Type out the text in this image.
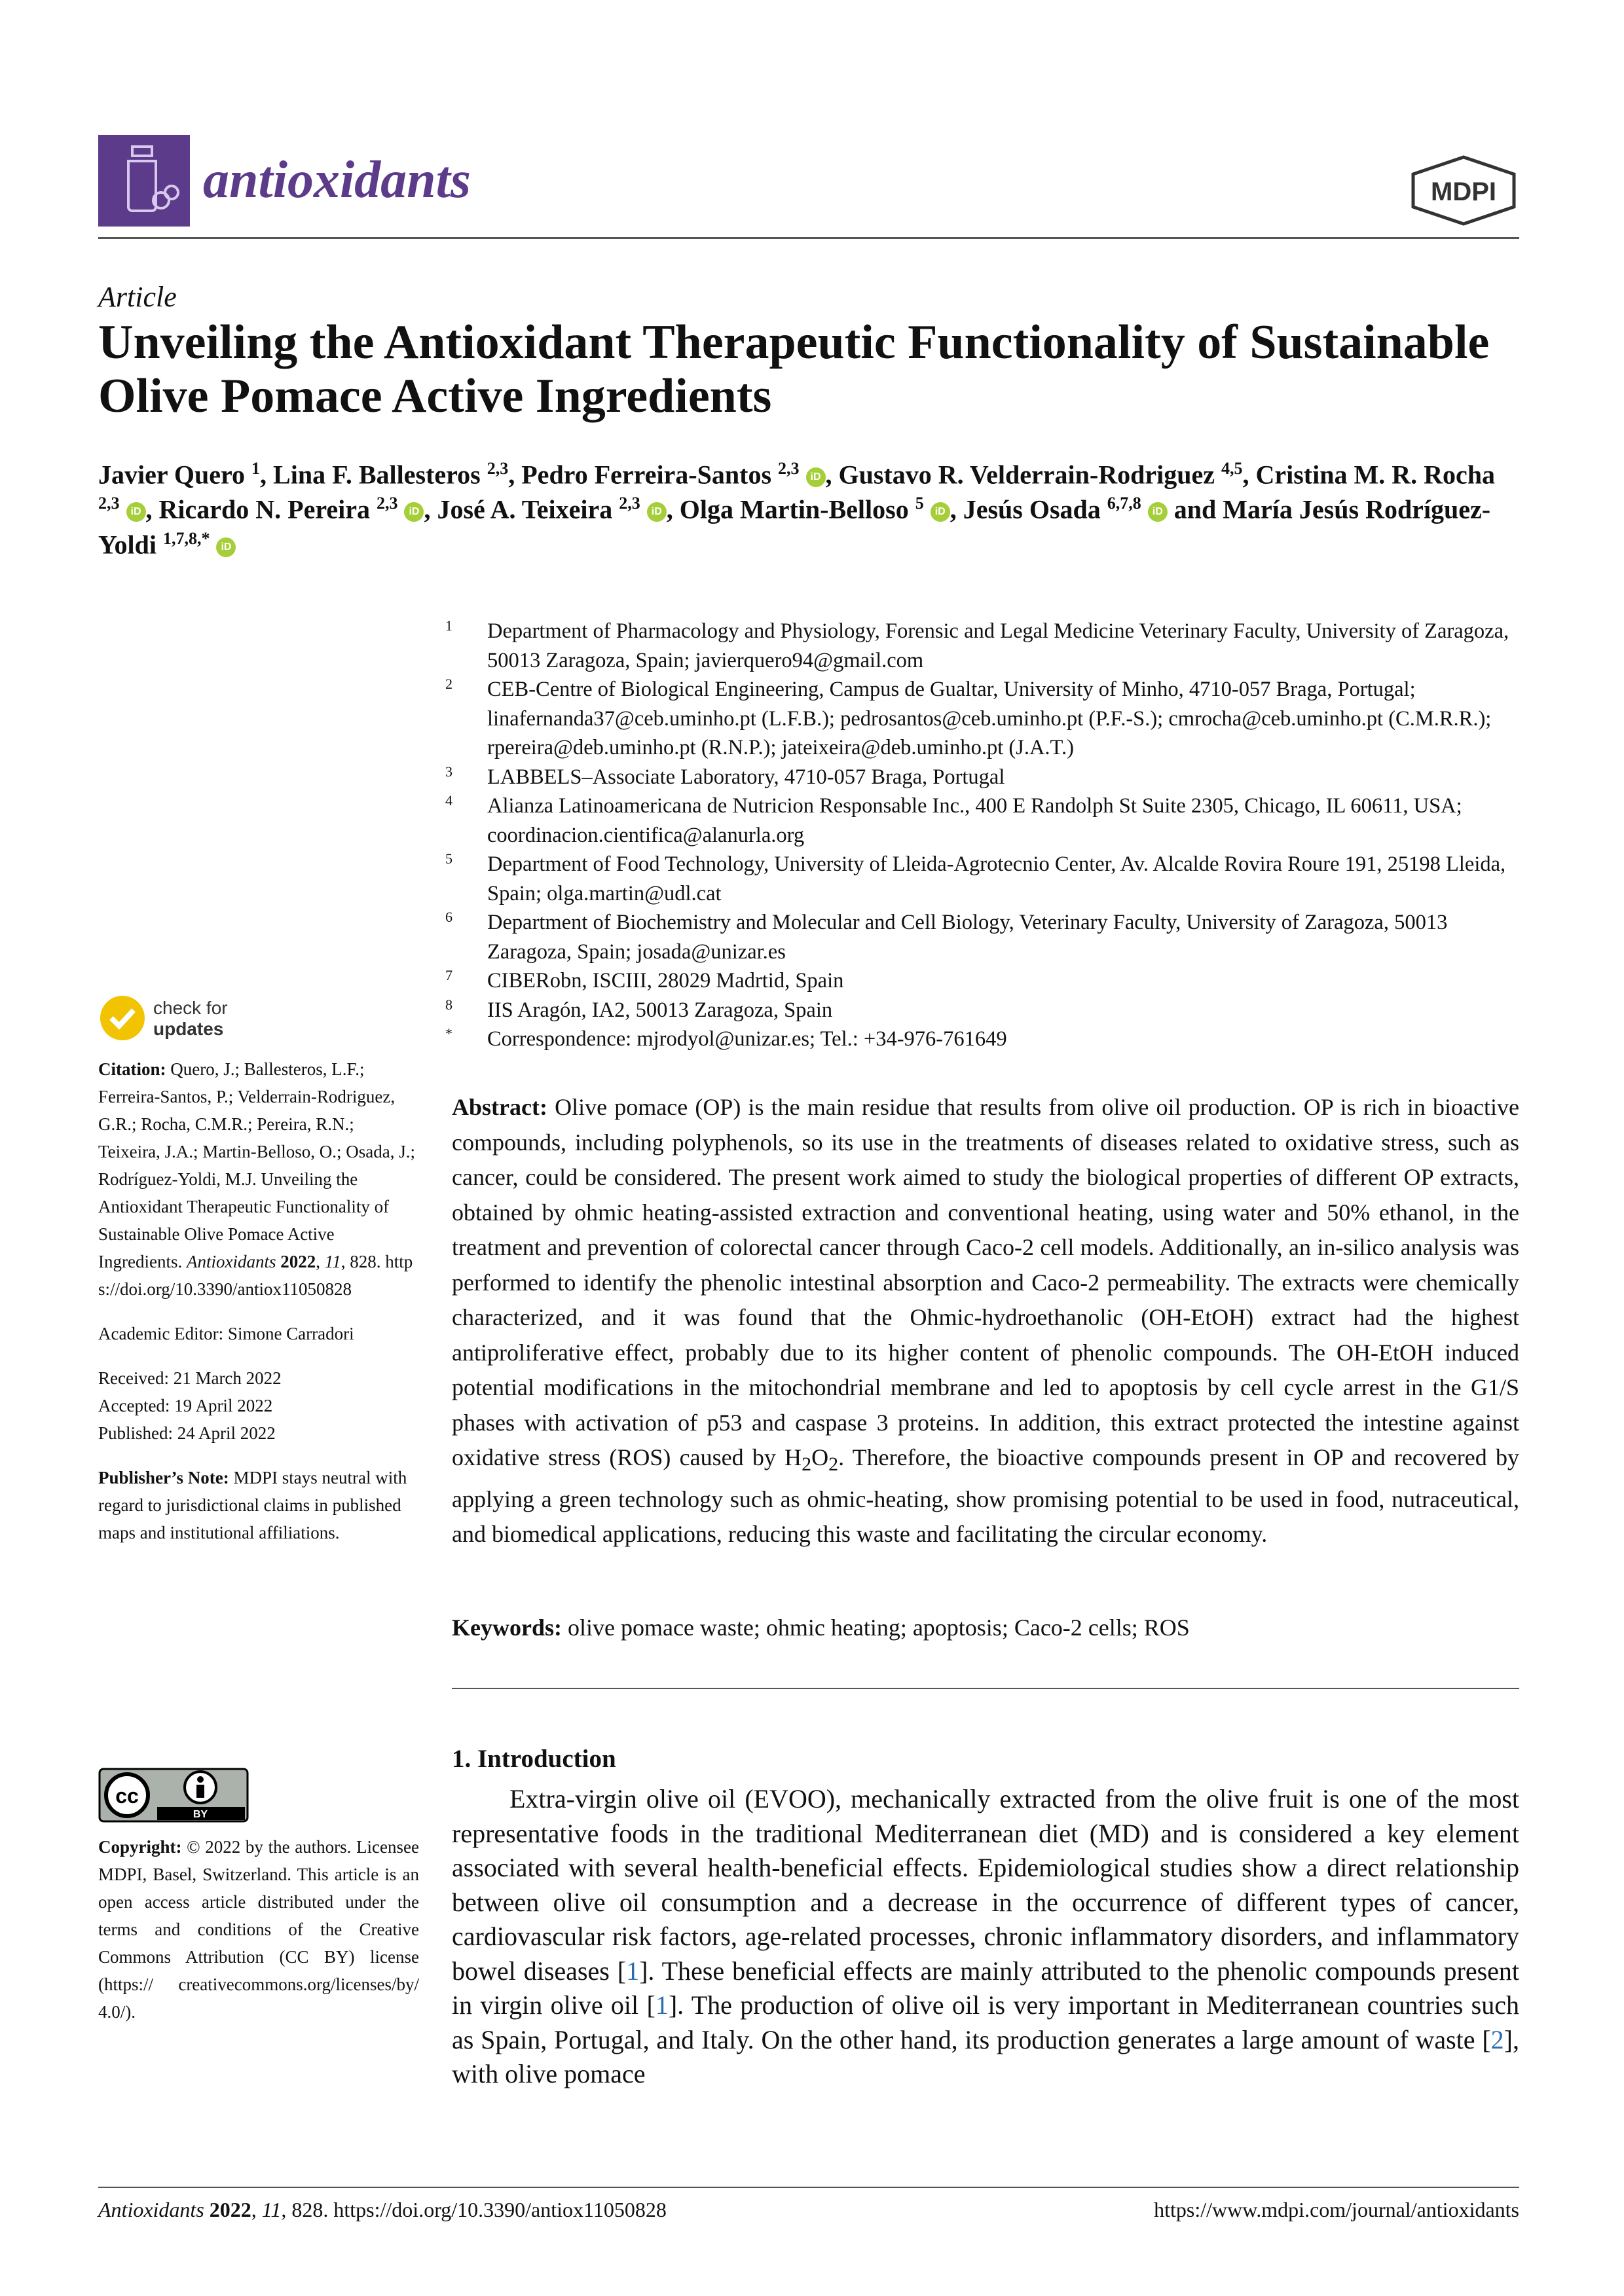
antioxidants	MDPI
Article
Unveiling the Antioxidant Therapeutic Functionality of Sustainable Olive Pomace Active Ingredients
Javier Quero $^1$, Lina F. Ballesteros $^{2,3}$, Pedro Ferreira-Santos $^{2,3}$ iD , Gustavo R. Velderrain-Rodriguez $^{4,5}$, Cristina M. R. Rocha $^{2,3}$ iD , Ricardo N. Pereira $^{2,3}$ iD , José A. Teixeira $^{2,3}$ iD , Olga Martin-Belloso $^5$ iD , Jesús Osada $^{6,7,8}$ iD and María Jesús Rodríguez-Yoldi $^{1,7,8,*}$ iD
1 Department of Pharmacology and Physiology, Forensic and Legal Medicine Veterinary Faculty, University of Zaragoza, 50013 Zaragoza, Spain; javierquero94@gmail.com
2 CEB-Centre of Biological Engineering, Campus de Gualtar, University of Minho, 4710-057 Braga, Portugal; linafernanda37@ceb.uminho.pt (L.F.B.); pedrosantos@ceb.uminho.pt (P.F.-S.); cmrocha@ceb.uminho.pt (C.M.R.R.); rpereira@deb.uminho.pt (R.N.P.); jateixeira@deb.uminho.pt (J.A.T.)
3 LABBELS–Associate Laboratory, 4710-057 Braga, Portugal
4 Alianza Latinoamericana de Nutricion Responsable Inc., 400 E Randolph St Suite 2305, Chicago, IL 60611, USA; coordinacion.cientifica@alanurla.org
5 Department of Food Technology, University of Lleida-Agrotecnio Center, Av. Alcalde Rovira Roure 191, 25198 Lleida, Spain; olga.martin@udl.cat
6 Department of Biochemistry and Molecular and Cell Biology, Veterinary Faculty, University of Zaragoza, 50013 Zaragoza, Spain; josada@unizar.es
7 CIBERobn, ISCIII, 28029 Madrtid, Spain
8 IIS Aragón, IA2, 50013 Zaragoza, Spain
* Correspondence: mjrodyol@unizar.es; Tel.: +34-976-761649
check for
updates

Citation: Quero, J.; Ballesteros, L.F.; Ferreira-Santos, P.; Velderrain-Rodriguez, G.R.; Rocha, C.M.R.; Pereira, R.N.; Teixeira, J.A.; Martin-Belloso, O.; Osada, J.; Rodríguez-Yoldi, M.J. Unveiling the Antioxidant Therapeutic Functionality of Sustainable Olive Pomace Active Ingredients. Antioxidants 2022, 11, 828. https://doi.org/10.3390/antiox11050828

Academic Editor: Simone Carradori

Received: 21 March 2022

Accepted: 19 April 2022

Published: 24 April 2022

Publisher’s Note: MDPI stays neutral with regard to jurisdictional claims in published maps and institutional affiliations.

cc
BY
Copyright: © 2022 by the authors. Licensee MDPI, Basel, Switzerland. This article is an open access article distributed under the terms and conditions of the Creative Commons Attribution (CC BY) license (https:// creativecommons.org/licenses/by/ 4.0/).
Abstract: Olive pomace (OP) is the main residue that results from olive oil production. OP is rich in bioactive compounds, including polyphenols, so its use in the treatments of diseases related to oxidative stress, such as cancer, could be considered. The present work aimed to study the biological properties of different OP extracts, obtained by ohmic heating-assisted extraction and conventional heating, using water and 50% ethanol, in the treatment and prevention of colorectal cancer through Caco-2 cell models. Additionally, an in-silico analysis was performed to identify the phenolic intestinal absorption and Caco-2 permeability. The extracts were chemically characterized, and it was found that the Ohmic-hydroethanolic (OH-EtOH) extract had the highest antiproliferative effect, probably due to its higher content of phenolic compounds. The OH-EtOH induced potential modifications in the mitochondrial membrane and led to apoptosis by cell cycle arrest in the G1/S phases with activation of p53 and caspase 3 proteins. In addition, this extract protected the intestine against oxidative stress (ROS) caused by $H_2O_2$. Therefore, the bioactive compounds present in OP and recovered by applying a green technology such as ohmic-heating, show promising potential to be used in food, nutraceutical, and biomedical applications, reducing this waste and facilitating the circular economy.
Keywords: olive pomace waste; ohmic heating; apoptosis; Caco-2 cells; ROS
1. Introduction
Extra-virgin olive oil (EVOO), mechanically extracted from the olive fruit is one of the most representative foods in the traditional Mediterranean diet (MD) and is considered a key element associated with several health-beneficial effects. Epidemiological studies show a direct relationship between olive oil consumption and a decrease in the occurrence of different types of cancer, cardiovascular risk factors, age-related processes, chronic inflammatory disorders, and inflammatory bowel diseases [1]. These beneficial effects are mainly attributed to the phenolic compounds present in virgin olive oil [1]. The production of olive oil is very important in Mediterranean countries such as Spain, Portugal, and Italy. On the other hand, its production generates a large amount of waste [2], with olive pomace
Antioxidants 2022, 11, 828. https://doi.org/10.3390/antiox11050828	https://www.mdpi.com/journal/antioxidants
